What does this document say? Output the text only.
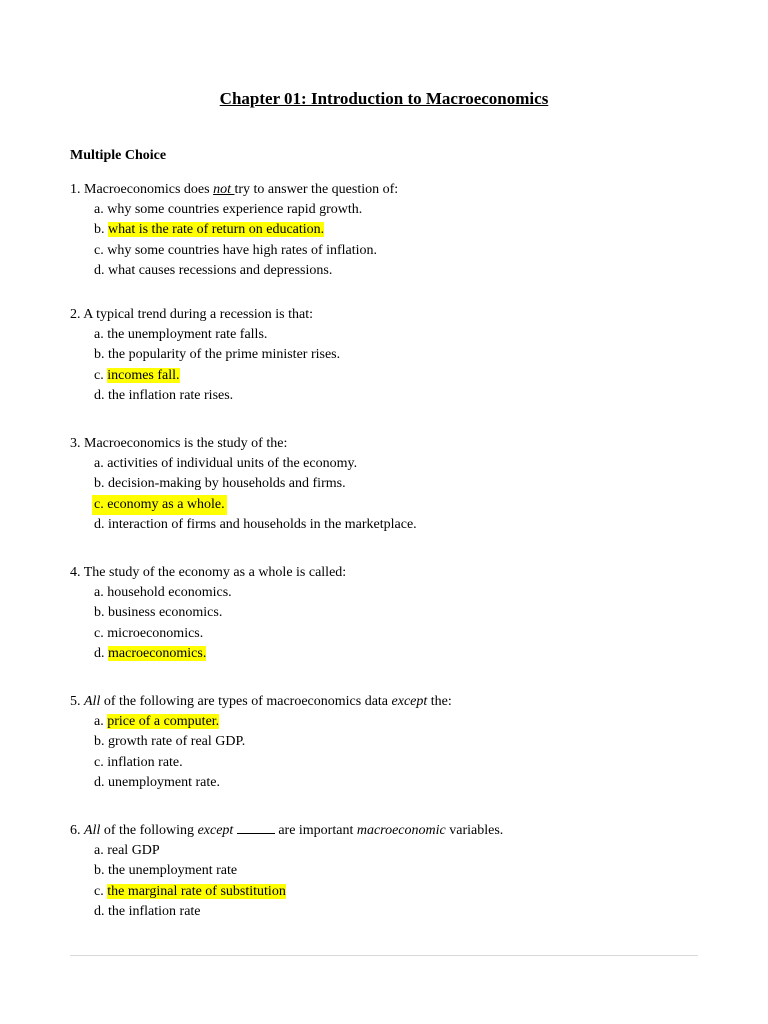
Chapter 01: Introduction to Macroeconomics
Multiple Choice
1. Macroeconomics does not try to answer the question of:
a. why some countries experience rapid growth.
b. what is the rate of return on education.
c. why some countries have high rates of inflation.
d. what causes recessions and depressions.
2. A typical trend during a recession is that:
a. the unemployment rate falls.
b. the popularity of the prime minister rises.
c. incomes fall.
d. the inflation rate rises.
3. Macroeconomics is the study of the:
a. activities of individual units of the economy.
b. decision-making by households and firms.
c. economy as a whole.
d. interaction of firms and households in the marketplace.
4. The study of the economy as a whole is called:
a. household economics.
b. business economics.
c. microeconomics.
d. macroeconomics.
5. All of the following are types of macroeconomics data except the:
a. price of a computer.
b. growth rate of real GDP.
c. inflation rate.
d. unemployment rate.
6. All of the following except	are important macroeconomic variables.
a. real GDP
b. the unemployment rate
c. the marginal rate of substitution
d. the inflation rate
